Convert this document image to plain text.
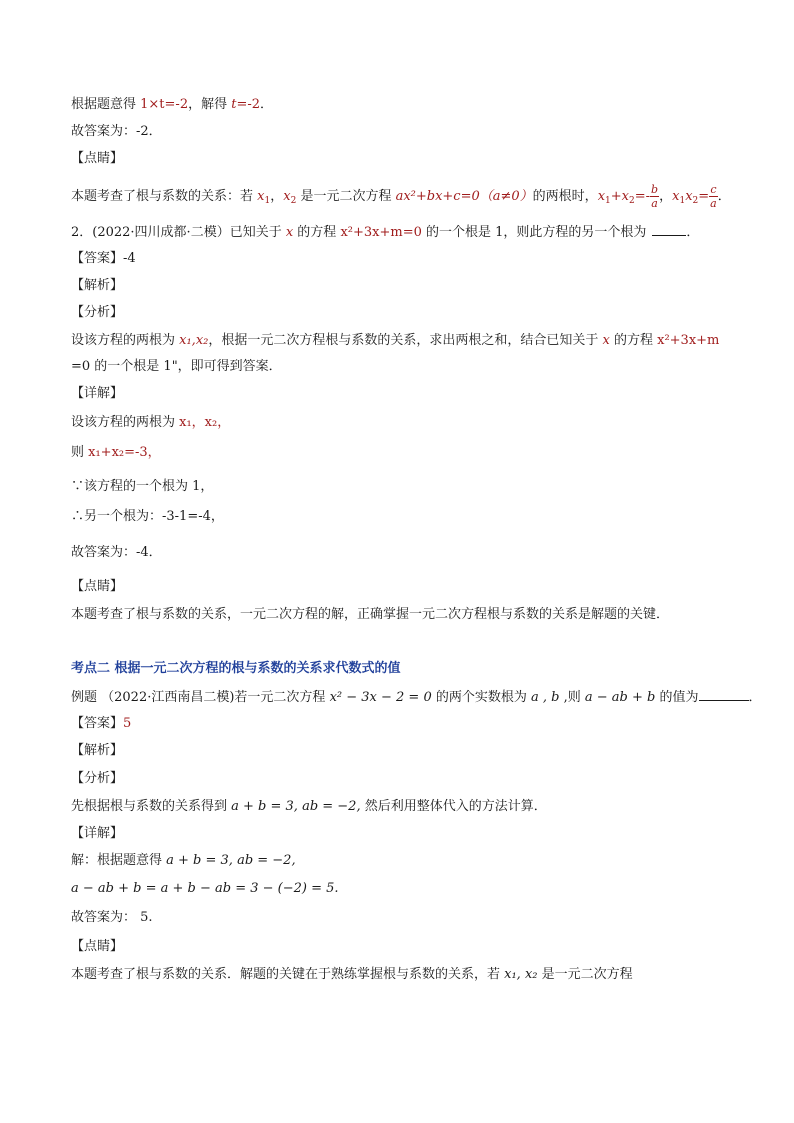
根据题意得 1×t=-2，解得 t=-2．
故答案为：-2．
【点睛】
本题考查了根与系数的关系：若 $x_1$，$x_2$ 是一元二次方程 ax²+bx+c=0（a≠0）的两根时，$x_1+x_2=- \frac{b}{a}$ ，$x_1x_2= \frac{c}{a}$ ．
2．(2022·四川成都·二模）已知关于 x 的方程 x²+3x+m=0 的一个根是 1，则此方程的另一个根为	．
【答案】-4
【解析】
【分析】
设该方程的两根为 x₁,x₂，根据一元二次方程根与系数的关系，求出两根之和，结合已知关于 x 的方程 x²+3x+m
=0 的一个根是 1"，即可得到答案．
【详解】
设该方程的两根为 x₁，x₂，
则 x₁+x₂=-3，
∵该方程的一个根为 1，
∴另一个根为：-3-1=-4，
故答案为：-4．
【点睛】
本题考查了根与系数的关系，一元二次方程的解，正确掌握一元二次方程根与系数的关系是解题的关键．
考点二 根据一元二次方程的根与系数的关系求代数式的值
例题 （2022·江西南昌二模)若一元二次方程 x² − 3x − 2 = 0 的两个实数根为 a , b ,则 a − ab + b 的值为	．
【答案】5
【解析】
【分析】
先根据根与系数的关系得到 a + b = 3, ab = −2, 然后利用整体代入的方法计算．
【详解】
解：根据题意得 a + b = 3, ab = −2,
a − ab + b = a + b − ab = 3 − (−2) = 5.
故答案为： 5.
【点睛】
本题考查了根与系数的关系．解题的关键在于熟练掌握根与系数的关系，若 x₁, x₂ 是一元二次方程
